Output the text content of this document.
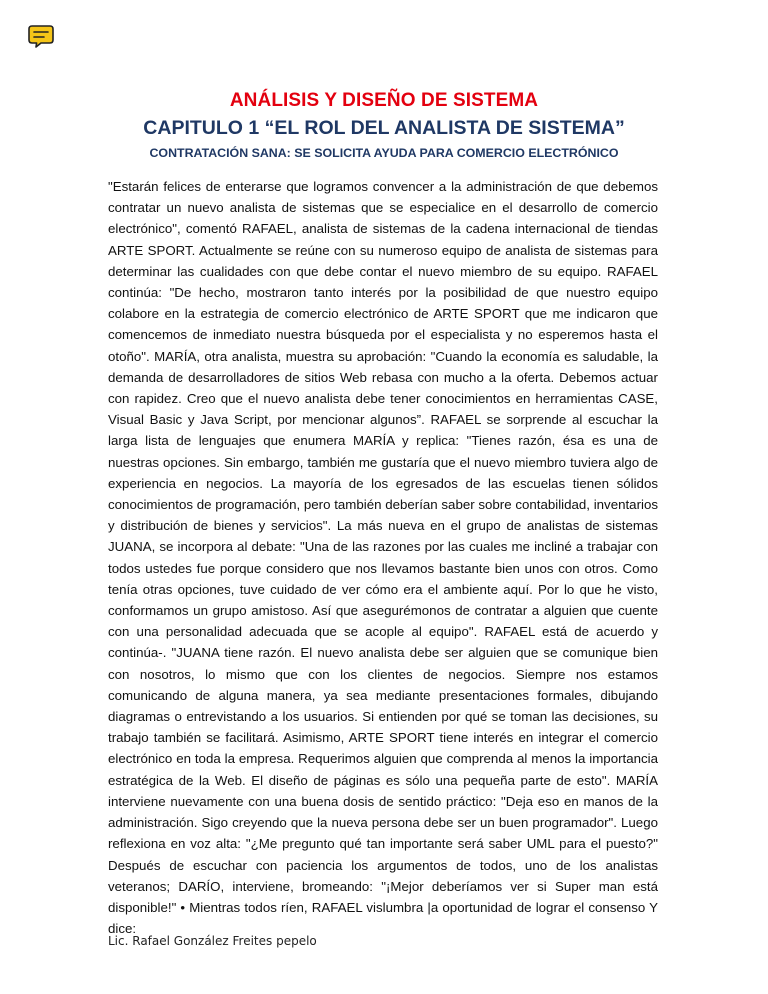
ANÁLISIS Y DISEÑO DE SISTEMA
CAPITULO 1 “EL ROL DEL ANALISTA DE SISTEMA”
CONTRATACIÓN SANA: SE SOLICITA AYUDA PARA COMERCIO ELECTRÓNICO

"Estarán felices de enterarse que logramos convencer a la administración de que debemos contratar un nuevo analista de sistemas que se especialice en el desarrollo de comercio electrónico", comentó RAFAEL, analista de sistemas de la cadena internacional de tiendas ARTE SPORT. Actualmente se reúne con su numeroso equipo de analista de sistemas para determinar las cualidades con que debe contar el nuevo miembro de su equipo. RAFAEL continúa: "De hecho, mostraron tanto interés por la posibilidad de que nuestro equipo colabore en la estrategia de comercio electrónico de ARTE SPORT que me indicaron que comencemos de inmediato nuestra búsqueda por el especialista y no esperemos hasta el otoño". MARÍA, otra analista, muestra su aprobación: "Cuando la economía es saludable, la demanda de desarrolladores de sitios Web rebasa con mucho a la oferta. Debemos actuar con rapidez. Creo que el nuevo analista debe tener conocimientos en herramientas CASE, Visual Basic y Java Script, por mencionar algunos”. RAFAEL se sorprende al escuchar la larga lista de lenguajes que enumera MARÍA y replica: "Tienes razón, ésa es una de nuestras opciones. Sin embargo, también me gustaría que el nuevo miembro tuviera algo de experiencia en negocios. La mayoría de los egresados de las escuelas tienen sólidos conocimientos de programación, pero también deberían saber sobre contabilidad, inventarios y distribución de bienes y servicios". La más nueva en el grupo de analistas de sistemas JUANA, se incorpora al debate: "Una de las razones por las cuales me incliné a trabajar con todos ustedes fue porque considero que nos llevamos bastante bien unos con otros. Como tenía otras opciones, tuve cuidado de ver cómo era el ambiente aquí. Por lo que he visto, conformamos un grupo amistoso. Así que asegurémonos de contratar a alguien que cuente con una personalidad adecuada que se acople al equipo". RAFAEL está de acuerdo y continúa-. "JUANA tiene razón. El nuevo analista debe ser alguien que se comunique bien con nosotros, lo mismo que con los clientes de negocios. Siempre nos estamos comunicando de alguna manera, ya sea mediante presentaciones formales, dibujando diagramas o entrevistando a los usuarios. Si entienden por qué se toman las decisiones, su trabajo también se facilitará. Asimismo, ARTE SPORT tiene interés en integrar el comercio electrónico en toda la empresa. Requerimos alguien que comprenda al menos la importancia estratégica de la Web. El diseño de páginas es sólo una pequeña parte de esto". MARÍA interviene nuevamente con una buena dosis de sentido práctico: "Deja eso en manos de la administración. Sigo creyendo que la nueva persona debe ser un buen programador". Luego reflexiona en voz alta: "¿Me pregunto qué tan importante será saber UML para el puesto?" Después de escuchar con paciencia los argumentos de todos, uno de los analistas veteranos; DARÍO, interviene, bromeando: "¡Mejor deberíamos ver si Super man está disponible!" • Mientras todos ríen, RAFAEL vislumbra |a oportunidad de lograr el consenso Y dice:

Lic. Rafael González Freites pepelo
